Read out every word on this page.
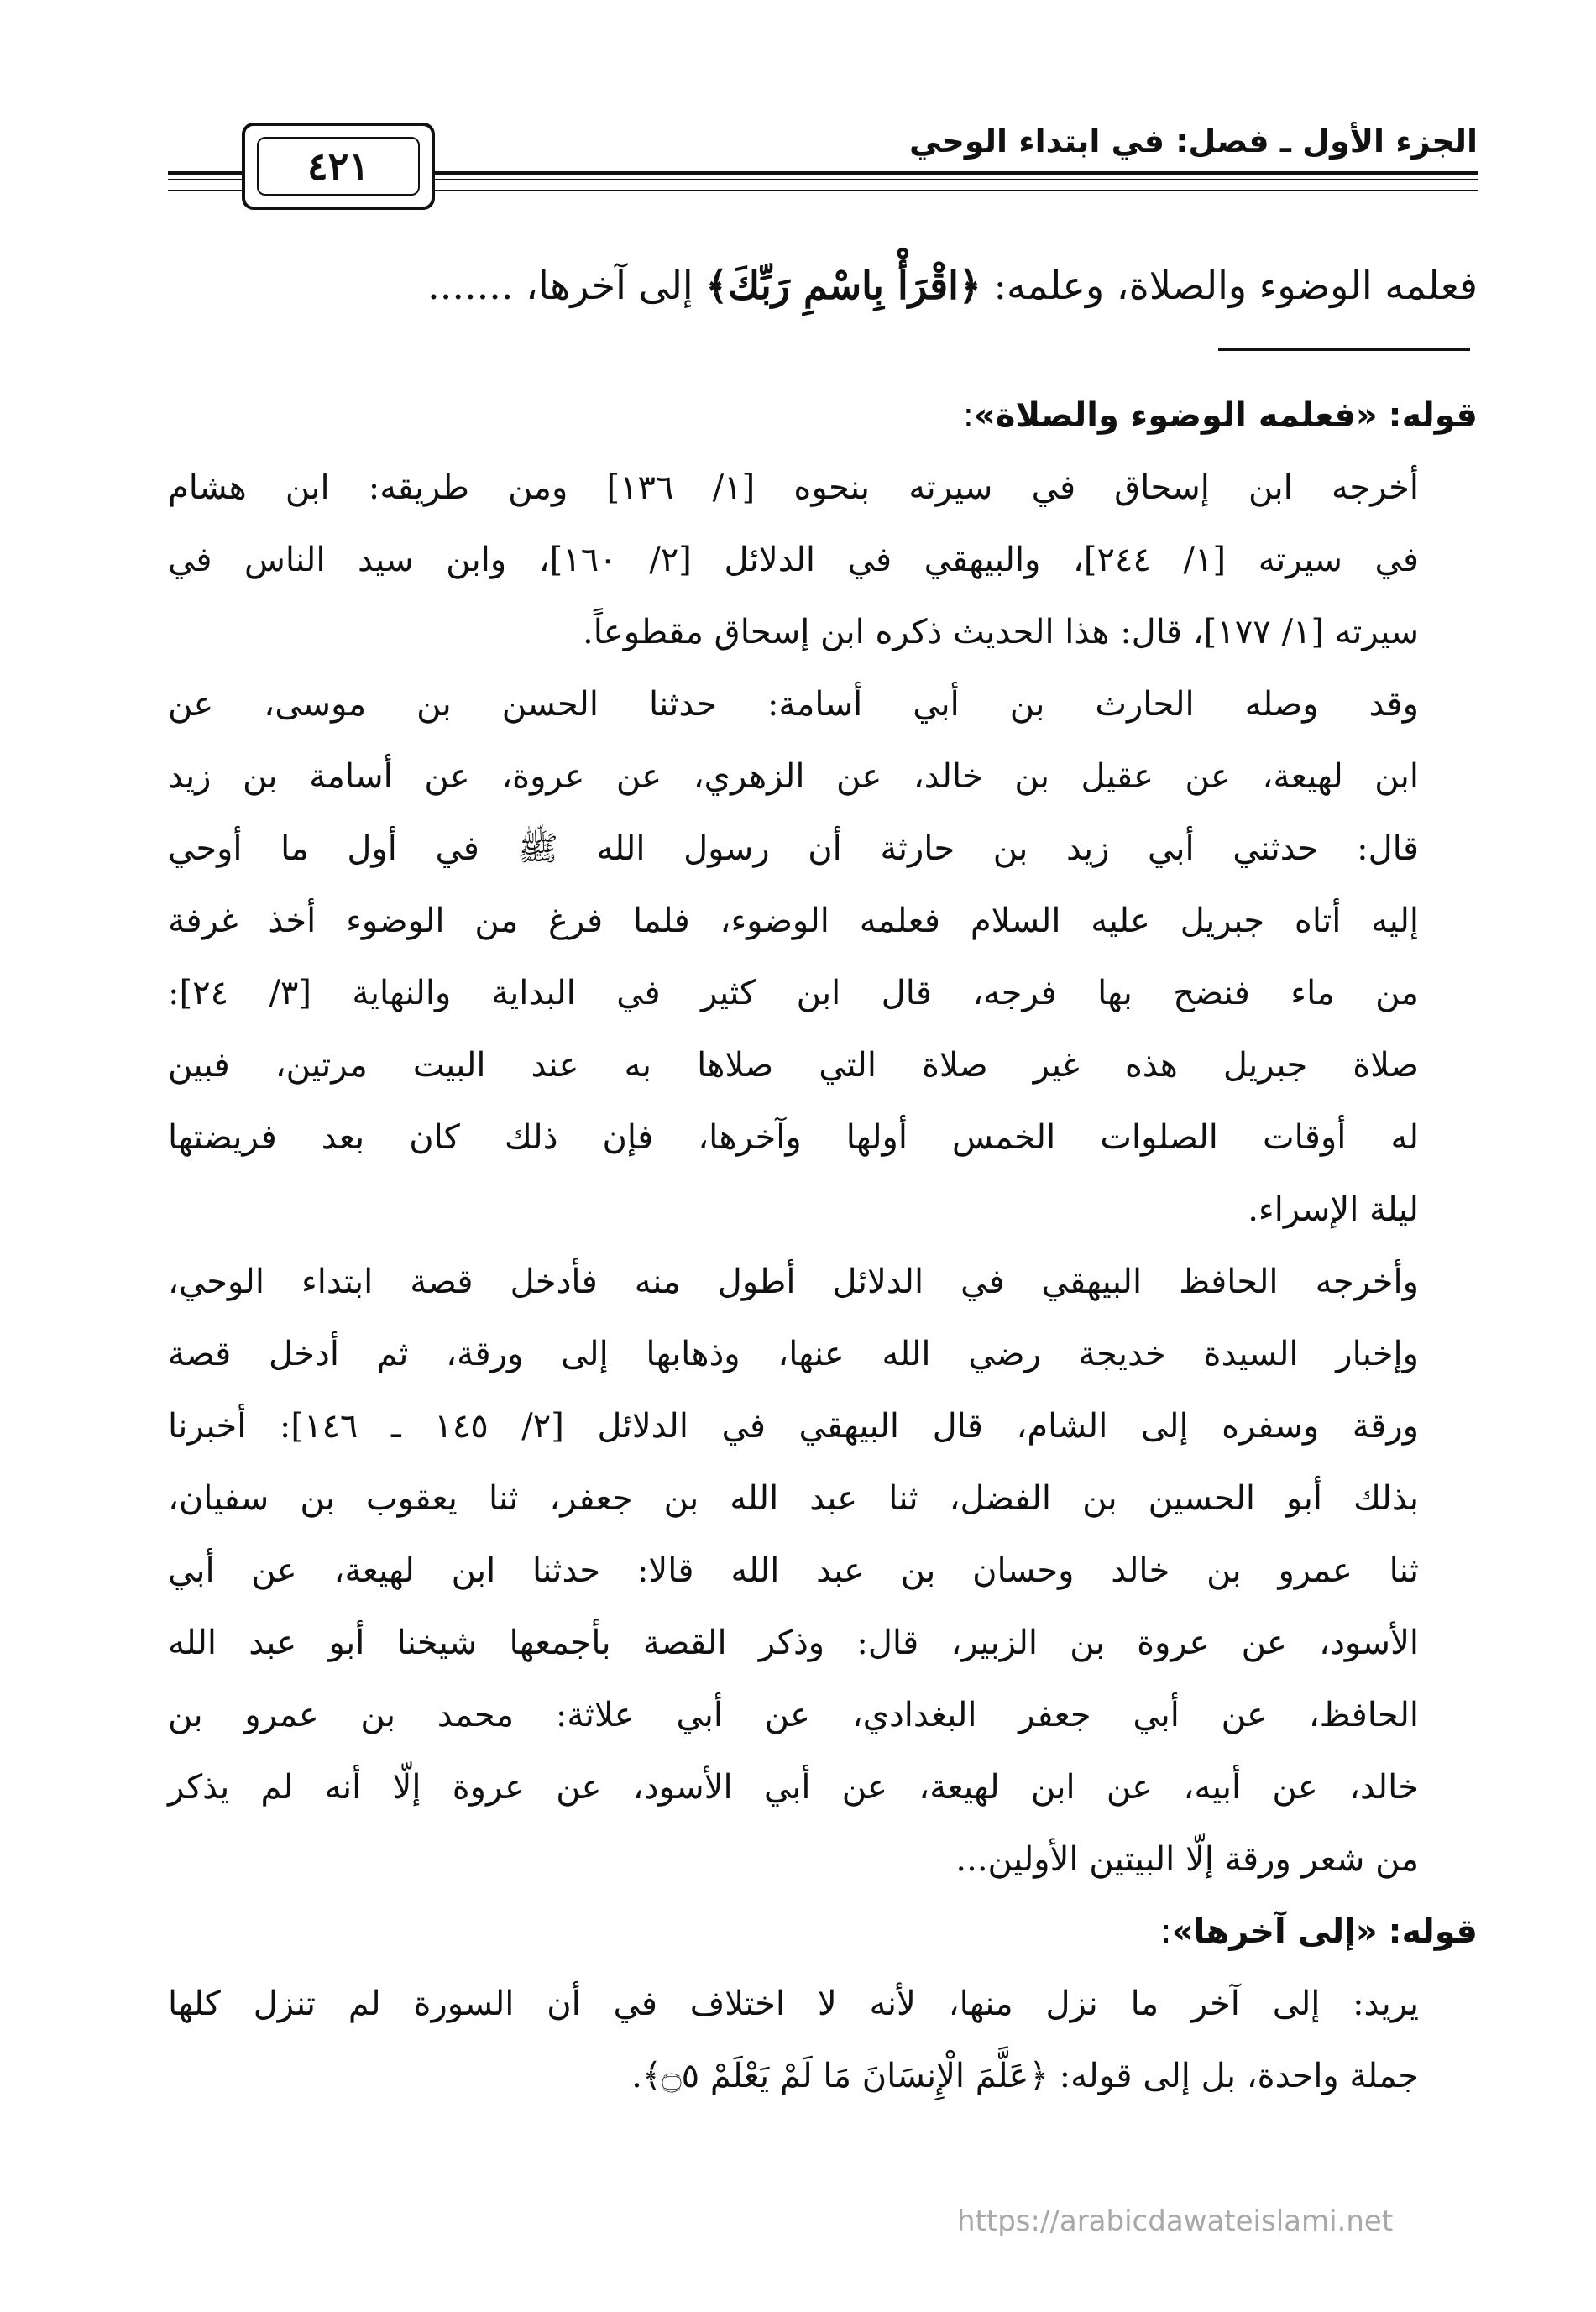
الجزء الأول ـ فصل: في ابتداء الوحي
٤٢١
فعلمه الوضوء والصلاة، وعلمه: ﴿اقْرَأْ بِاسْمِ رَبِّكَ﴾ إلى آخرها، .......
قوله: «فعلمه الوضوء والصلاة»:
أخرجه ابن إسحاق في سيرته بنحوه [١/ ١٣٦] ومن طريقه: ابن هشام
في سيرته [١/ ٢٤٤]، والبيهقي في الدلائل [٢/ ١٦٠]، وابن سيد الناس في
سيرته [١/ ١٧٧]، قال: هذا الحديث ذكره ابن إسحاق مقطوعاً.
وقد وصله الحارث بن أبي أسامة: حدثنا الحسن بن موسى، عن
ابن لهيعة، عن عقيل بن خالد، عن الزهري، عن عروة، عن أسامة بن زيد
قال: حدثني أبي زيد بن حارثة أن رسول الله ﷺ في أول ما أوحي
إليه أتاه جبريل عليه السلام فعلمه الوضوء، فلما فرغ من الوضوء أخذ غرفة
من ماء فنضح بها فرجه، قال ابن كثير في البداية والنهاية [٣/ ٢٤]:
صلاة جبريل هذه غير صلاة التي صلاها به عند البيت مرتين، فبين
له أوقات الصلوات الخمس أولها وآخرها، فإن ذلك كان بعد فريضتها
ليلة الإسراء.
وأخرجه الحافظ البيهقي في الدلائل أطول منه فأدخل قصة ابتداء الوحي،
وإخبار السيدة خديجة رضي الله عنها، وذهابها إلى ورقة، ثم أدخل قصة
ورقة وسفره إلى الشام، قال البيهقي في الدلائل [٢/ ١٤٥ ـ ١٤٦]: أخبرنا
بذلك أبو الحسين بن الفضل، ثنا عبد الله بن جعفر، ثنا يعقوب بن سفيان،
ثنا عمرو بن خالد وحسان بن عبد الله قالا: حدثنا ابن لهيعة، عن أبي
الأسود، عن عروة بن الزبير، قال: وذكر القصة بأجمعها شيخنا أبو عبد الله
الحافظ، عن أبي جعفر البغدادي، عن أبي علاثة: محمد بن عمرو بن
خالد، عن أبيه، عن ابن لهيعة، عن أبي الأسود، عن عروة إلّا أنه لم يذكر
من شعر ورقة إلّا البيتين الأولين...
قوله: «إلى آخرها»:
يريد: إلى آخر ما نزل منها، لأنه لا اختلاف في أن السورة لم تنزل كلها
جملة واحدة، بل إلى قوله: ﴿عَلَّمَ الْإِنسَانَ مَا لَمْ يَعْلَمْ ۝٥﴾.
https://arabicdawateislami.net
